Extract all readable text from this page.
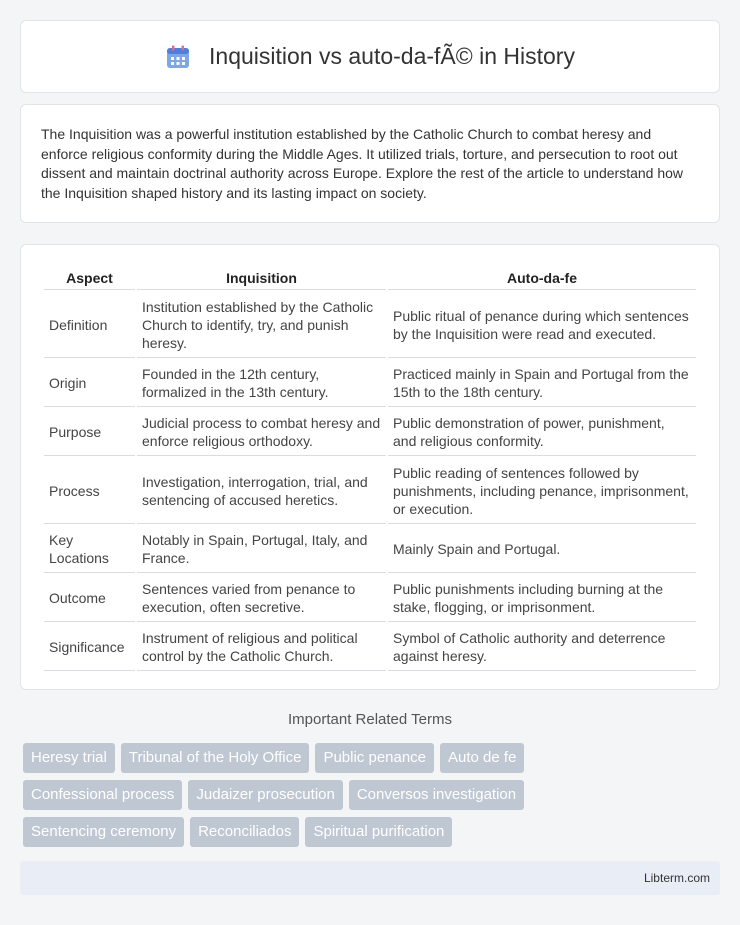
Inquisition vs auto-da-fÃ© in History

The Inquisition was a powerful institution established by the Catholic Church to combat heresy and enforce religious conformity during the Middle Ages. It utilized trials, torture, and persecution to root out dissent and maintain doctrinal authority across Europe. Explore the rest of the article to understand how the Inquisition shaped history and its lasting impact on society.

Aspect	Inquisition	Auto-da-fe
Definition	Institution established by the Catholic Church to identify, try, and punish heresy.	Public ritual of penance during which sentences by the Inquisition were read and executed.
Origin	Founded in the 12th century, formalized in the 13th century.	Practiced mainly in Spain and Portugal from the 15th to the 18th century.
Purpose	Judicial process to combat heresy and enforce religious orthodoxy.	Public demonstration of power, punishment, and religious conformity.
Process	Investigation, interrogation, trial, and sentencing of accused heretics.	Public reading of sentences followed by punishments, including penance, imprisonment, or execution.
Key Locations	Notably in Spain, Portugal, Italy, and France.	Mainly Spain and Portugal.
Outcome	Sentences varied from penance to execution, often secretive.	Public punishments including burning at the stake, flogging, or imprisonment.
Significance	Instrument of religious and political control by the Catholic Church.	Symbol of Catholic authority and deterrence against heresy.
Important Related Terms
Heresy trial	Tribunal of the Holy Office	Public penance	Auto de fe
Confessional process	Judaizer prosecution	Conversos investigation
Sentencing ceremony	Reconciliados	Spiritual purification
Libterm.com
